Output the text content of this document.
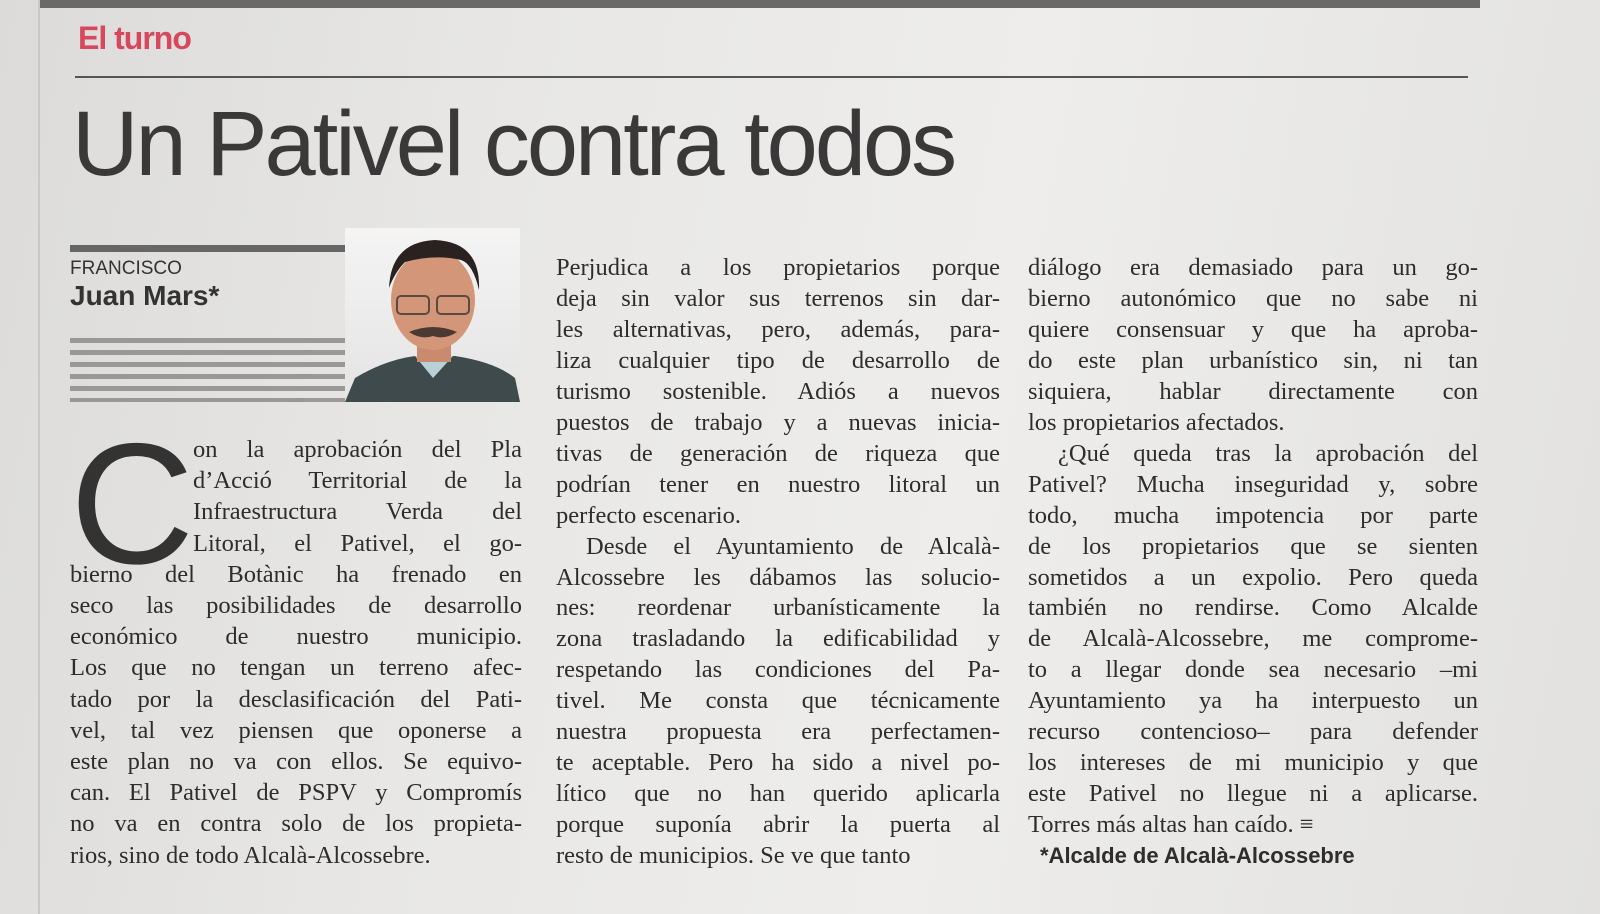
El turno
Un Pativel contra todos
FRANCISCO
Juan Mars*
C
on la aprobación del Pla
d’Acció Territorial de la
Infraestructura Verda del
Litoral, el Pativel, el go-
bierno del Botànic ha frenado en
seco las posibilidades de desarrollo
económico de nuestro municipio.
Los que no tengan un terreno afec-
tado por la desclasificación del Pati-
vel, tal vez piensen que oponerse a
este plan no va con ellos. Se equivo-
can. El Pativel de PSPV y Compromís
no va en contra solo de los propieta-
rios, sino de todo Alcalà-Alcossebre.
Perjudica a los propietarios porque
deja sin valor sus terrenos sin dar-
les alternativas, pero, además, para-
liza cualquier tipo de desarrollo de
turismo sostenible. Adiós a nuevos
puestos de trabajo y a nuevas inicia-
tivas de generación de riqueza que
podrían tener en nuestro litoral un
perfecto escenario.
Desde el Ayuntamiento de Alcalà-
Alcossebre les dábamos las solucio-
nes: reordenar urbanísticamente la
zona trasladando la edificabilidad y
respetando las condiciones del Pa-
tivel. Me consta que técnicamente
nuestra propuesta era perfectamen-
te aceptable. Pero ha sido a nivel po-
lítico que no han querido aplicarla
porque suponía abrir la puerta al
resto de municipios. Se ve que tanto
diálogo era demasiado para un go-
bierno autonómico que no sabe ni
quiere consensuar y que ha aproba-
do este plan urbanístico sin, ni tan
siquiera, hablar directamente con
los propietarios afectados.
¿Qué queda tras la aprobación del
Pativel? Mucha inseguridad y, sobre
todo, mucha impotencia por parte
de los propietarios que se sienten
sometidos a un expolio. Pero queda
también no rendirse. Como Alcalde
de Alcalà-Alcossebre, me comprome-
to a llegar donde sea necesario –mi
Ayuntamiento ya ha interpuesto un
recurso contencioso– para defender
los intereses de mi municipio y que
este Pativel no llegue ni a aplicarse.
Torres más altas han caído. ≡
*Alcalde de Alcalà-Alcossebre
